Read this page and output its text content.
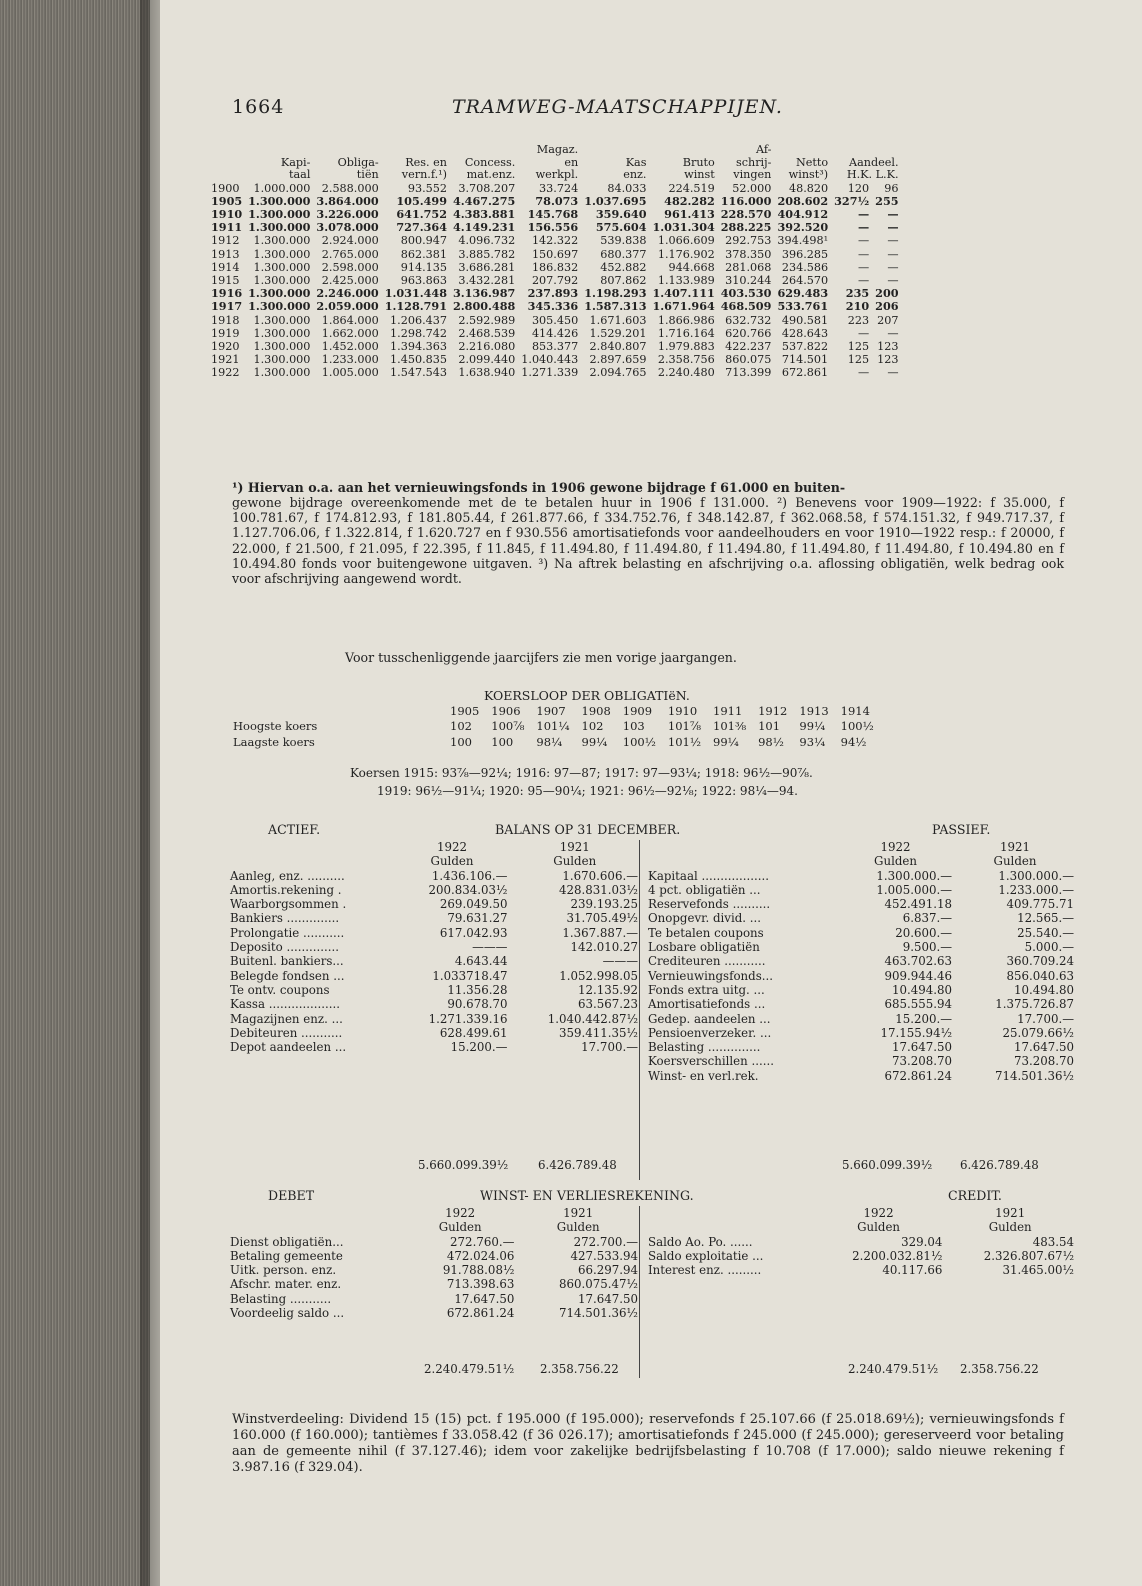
1664	TRAMWEG-MAATSCHAPPIJEN.
					Magaz.			Af-			
	Kapi-	Obliga-	Res. en	Concess.	en	Kas	Bruto	schrij-	Netto	Aandeel.	
	taal	tiën	vern.f.¹)	mat.enz.	werkpl.	enz.	winst	vingen	winst³)	H.K. L.K.	
1900	1.000.000	2.588.000	93.552	3.708.207	33.724	84.033	224.519	52.000	48.820	120	96
1905	1.300.000	3.864.000	105.499	4.467.275	78.073	1.037.695	482.282	116.000	208.602	327½	255
1910	1.300.000	3.226.000	641.752	4.383.881	145.768	359.640	961.413	228.570	404.912	—	—
1911	1.300.000	3.078.000	727.364	4.149.231	156.556	575.604	1.031.304	288.225	392.520	—	—
1912	1.300.000	2.924.000	800.947	4.096.732	142.322	539.838	1.066.609	292.753	394.498¹	—	—
1913	1.300.000	2.765.000	862.381	3.885.782	150.697	680.377	1.176.902	378.350	396.285	—	—
1914	1.300.000	2.598.000	914.135	3.686.281	186.832	452.882	944.668	281.068	234.586	—	—
1915	1.300.000	2.425.000	963.863	3.432.281	207.792	807.862	1.133.989	310.244	264.570	—	—
1916	1.300.000	2.246.000	1.031.448	3.136.987	237.893	1.198.293	1.407.111	403.530	629.483	235	200
1917	1.300.000	2.059.000	1.128.791	2.800.488	345.336	1.587.313	1.671.964	468.509	533.761	210	206
1918	1.300.000	1.864.000	1.206.437	2.592.989	305.450	1.671.603	1.866.986	632.732	490.581	223	207
1919	1.300.000	1.662.000	1.298.742	2.468.539	414.426	1.529.201	1.716.164	620.766	428.643	—	—
1920	1.300.000	1.452.000	1.394.363	2.216.080	853.377	2.840.807	1.979.883	422.237	537.822	125	123
1921	1.300.000	1.233.000	1.450.835	2.099.440	1.040.443	2.897.659	2.358.756	860.075	714.501	125	123
1922	1.300.000	1.005.000	1.547.543	1.638.940	1.271.339	2.094.765	2.240.480	713.399	672.861	—	—
¹) Hiervan o.a. aan het vernieuwingsfonds in 1906 gewone bijdrage f 61.000 en buiten-
gewone bijdrage overeenkomende met de te betalen huur in 1906 f 131.000. ²) Benevens voor 1909—1922: f 35.000, f 100.781.67, f 174.812.93, f 181.805.44, f 261.877.66, f 334.752.76, f 348.142.87, f 362.068.58, f 574.151.32, f 949.717.37, f 1.127.706.06, f 1.322.814, f 1.620.727 en f 930.556 amortisatiefonds voor aandeelhouders en voor 1910—1922 resp.: f 20000, f 22.000, f 21.500, f 21.095, f 22.395, f 11.845, f 11.494.80, f 11.494.80, f 11.494.80, f 11.494.80, f 11.494.80, f 10.494.80 en f 10.494.80 fonds voor buitengewone uitgaven. ³) Na aftrek belasting en afschrijving o.a. aflossing obligatiën, welk bedrag ook voor afschrijving aangewend wordt.
Voor tusschenliggende jaarcijfers zie men vorige jaargangen.
KOERSLOOP DER OBLIGATIëN.
	1905	1906	1907	1908	1909	1910	1911	1912	1913	1914
Hoogste koers	102	100⅞	101¼	102	103	101⅞	101⅜	101	99¼	100½
Laagste koers	100	100	98¼	99¼	100½	101½	99¼	98½	93¼	94½
Koersen 1915: 93⅞—92¼; 1916: 97—87; 1917: 97—93¼; 1918: 96½—90⅞.
1919: 96½—91¼; 1920: 95—90¼; 1921: 96½—92⅛; 1922: 98¼—94.
ACTIEF.	BALANS OP 31 DECEMBER.	PASSIEF.
	1922	1921
	Gulden	Gulden
Aanleg, enz. ..........	1.436.106.—	1.670.606.—
Amortis.rekening .	200.834.03½	428.831.03½
Waarborgsommen .	269.049.50	239.193.25
Bankiers ..............	79.631.27	31.705.49½
Prolongatie ...........	617.042.93	1.367.887.—
Deposito ..............	———	142.010.27
Buitenl. bankiers...	4.643.44	———
Belegde fondsen ...	1.033718.47	1.052.998.05
Te ontv. coupons	11.356.28	12.135.92
Kassa ...................	90.678.70	63.567.23
Magazijnen enz. ...	1.271.339.16	1.040.442.87½
Debiteuren ...........	628.499.61	359.411.35½
Depot aandeelen ...	15.200.—	17.700.—
	1922	1921
	Gulden	Gulden
Kapitaal ..................	1.300.000.—	1.300.000.—
4 pct. obligatiën ...	1.005.000.—	1.233.000.—
Reservefonds ..........	452.491.18	409.775.71
Onopgevr. divid. ...	6.837.—	12.565.—
Te betalen coupons	20.600.—	25.540.—
Losbare obligatiën	9.500.—	5.000.—
Crediteuren ...........	463.702.63	360.709.24
Vernieuwingsfonds...	909.944.46	856.040.63
Fonds extra uitg. ...	10.494.80	10.494.80
Amortisatiefonds ...	685.555.94	1.375.726.87
Gedep. aandeelen ...	15.200.—	17.700.—
Pensioenverzeker. ...	17.155.94½	25.079.66½
Belasting ..............	17.647.50	17.647.50
Koersverschillen ......	73.208.70	73.208.70
Winst- en verl.rek.	672.861.24	714.501.36½
5.660.099.39½	6.426.789.48	5.660.099.39½ 6.426.789.48
DEBET	WINST- EN VERLIESREKENING.	CREDIT.
	1922	1921
	Gulden	Gulden
Dienst obligatiën...	272.760.—	272.700.—
Betaling gemeente	472.024.06	427.533.94
Uitk. person. enz.	91.788.08½	66.297.94
Afschr. mater. enz.	713.398.63	860.075.47½
Belasting ...........	17.647.50	17.647.50
Voordeelig saldo ...	672.861.24	714.501.36½
	1922	1921
	Gulden	Gulden
Saldo Ao. Po. ......	329.04	483.54
Saldo exploitatie ...	2.200.032.81½	2.326.807.67½
Interest enz. .........	40.117.66	31.465.00½
2.240.479.51½ 2.358.756.22	2.240.479.51½ 2.358.756.22
Winstverdeeling: Dividend 15 (15) pct. f 195.000 (f 195.000); reservefonds f 25.107.66 (f 25.018.69½); vernieuwingsfonds f 160.000 (f 160.000); tantièmes f 33.058.42 (f 36 026.17); amortisatiefonds f 245.000 (f 245.000); gereserveerd voor betaling aan de gemeente nihil (f 37.127.46); idem voor zakelijke bedrijfsbelasting f 10.708 (f 17.000); saldo nieuwe rekening f 3.987.16 (f 329.04).
